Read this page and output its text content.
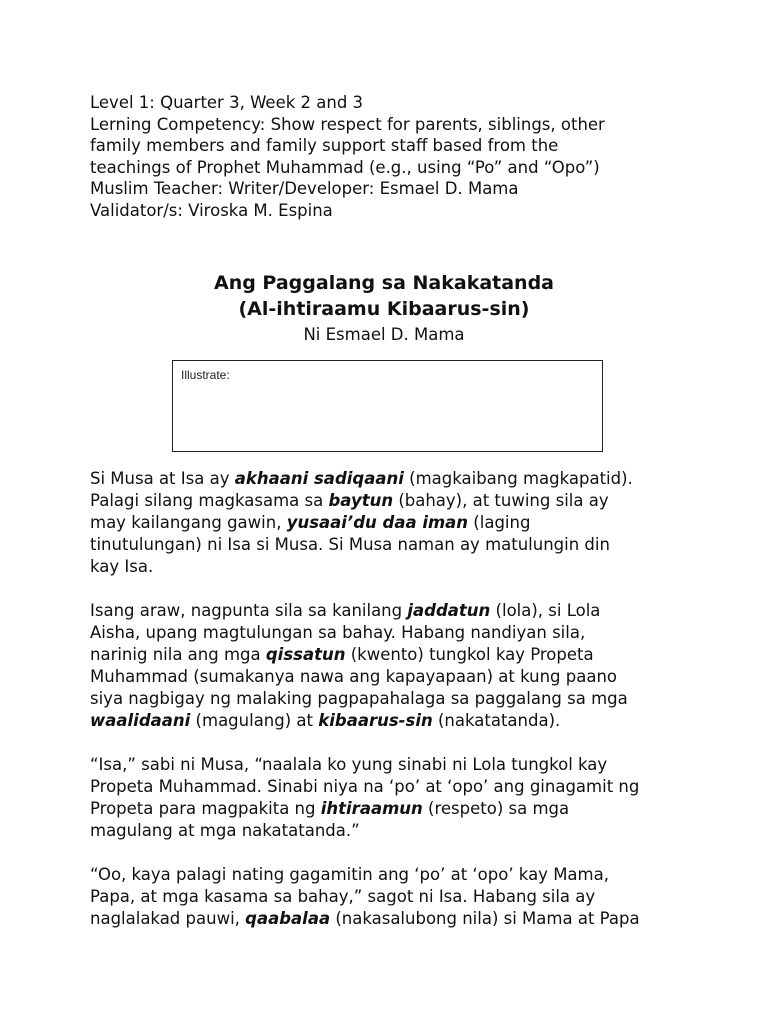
Level 1: Quarter 3, Week 2 and 3
Lerning Competency: Show respect for parents, siblings, other
family members and family support staff based from the
teachings of Prophet Muhammad (e.g., using “Po” and “Opo”)
Muslim Teacher: Writer/Developer: Esmael D. Mama
Validator/s: Viroska M. Espina
Ang Paggalang sa Nakakatanda
(Al-ihtiraamu Kibaarus-sin)
Ni Esmael D. Mama
Illustrate:
Si Musa at Isa ay akhaani sadiqaani (magkaibang magkapatid).
Palagi silang magkasama sa baytun (bahay), at tuwing sila ay
may kailangang gawin, yusaai’du daa iman (laging
tinutulungan) ni Isa si Musa. Si Musa naman ay matulungin din
kay Isa.
Isang araw, nagpunta sila sa kanilang jaddatun (lola), si Lola
Aisha, upang magtulungan sa bahay. Habang nandiyan sila,
narinig nila ang mga qissatun (kwento) tungkol kay Propeta
Muhammad (sumakanya nawa ang kapayapaan) at kung paano
siya nagbigay ng malaking pagpapahalaga sa paggalang sa mga
waalidaani (magulang) at kibaarus-sin (nakatatanda).
“Isa,” sabi ni Musa, “naalala ko yung sinabi ni Lola tungkol kay
Propeta Muhammad. Sinabi niya na ‘po’ at ‘opo’ ang ginagamit ng
Propeta para magpakita ng ihtiraamun (respeto) sa mga
magulang at mga nakatatanda.”
“Oo, kaya palagi nating gagamitin ang ‘po’ at ‘opo’ kay Mama,
Papa, at mga kasama sa bahay,” sagot ni Isa. Habang sila ay
naglalakad pauwi, qaabalaa (nakasalubong nila) si Mama at Papa
